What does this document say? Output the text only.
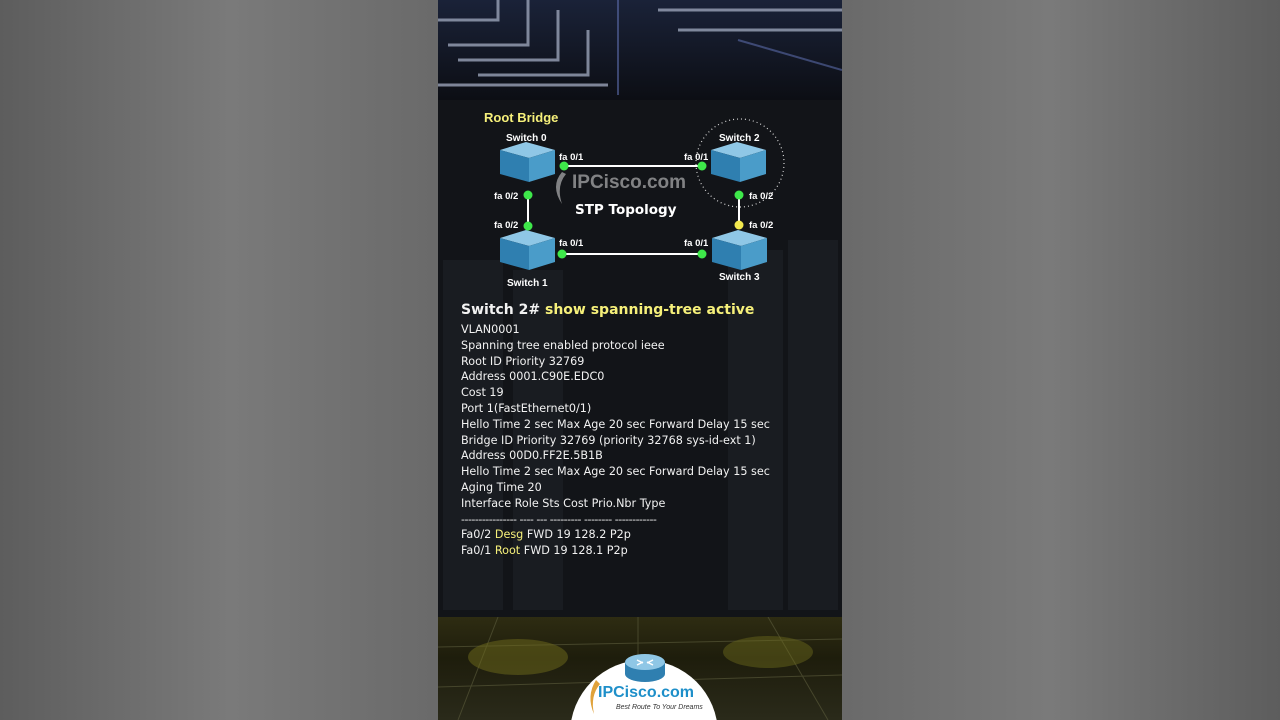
Root Bridge
Switch 0	Switch 2
Switch 1
Switch 3
fa 0/1	fa 0/1
fa 0/2
fa 0/2
fa 0/2
fa 0/2
fa 0/1	fa 0/1
IPCisco.com
STP Topology
Switch 2# show spanning-tree active
VLAN0001
Spanning tree enabled protocol ieee
Root ID Priority 32769
Address 0001.C90E.EDC0
Cost 19
Port 1(FastEthernet0/1)
Hello Time 2 sec Max Age 20 sec Forward Delay 15 sec
Bridge ID Priority 32769 (priority 32768 sys-id-ext 1)
Address 00D0.FF2E.5B1B
Hello Time 2 sec Max Age 20 sec Forward Delay 15 sec
Aging Time 20
Interface Role Sts Cost Prio.Nbr Type
---------------- ---- --- --------- -------- ------------
Fa0/2 Desg FWD 19 128.2 P2p
Fa0/1 Root FWD 19 128.1 P2p
IPCisco.com
Best Route To Your Dreams
